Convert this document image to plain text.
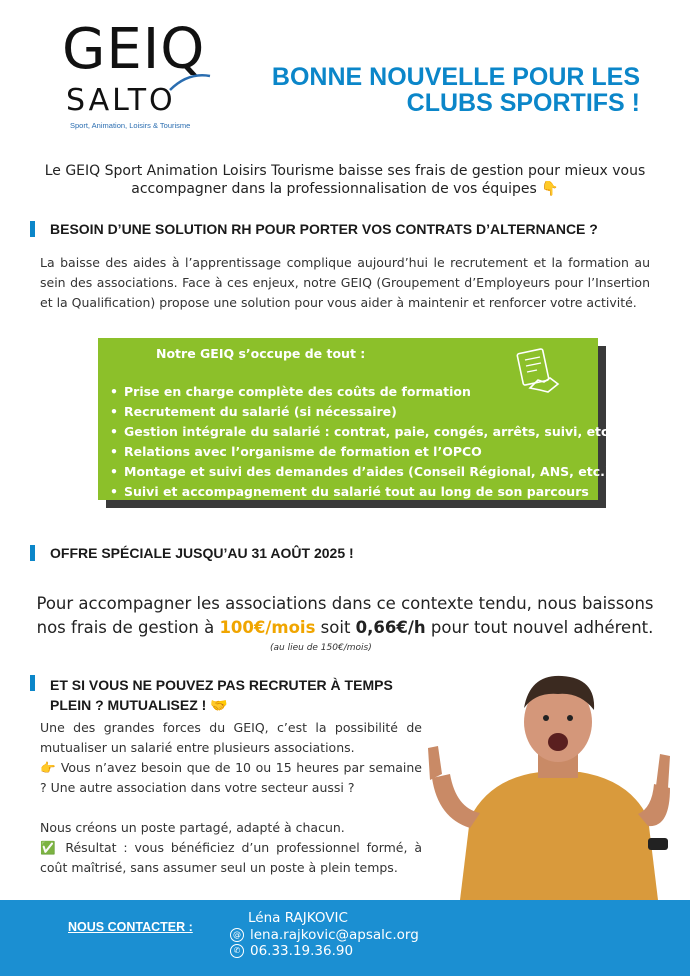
GEIQ
SALTO
Sport, Animation, Loisirs & Tourisme
BONNE NOUVELLE POUR LES
CLUBS SPORTIFS !
Le GEIQ Sport Animation Loisirs Tourisme baisse ses frais de gestion pour mieux vous
accompagner dans la professionnalisation de vos équipes 👇
BESOIN D’UNE SOLUTION RH POUR PORTER VOS CONTRATS D’ALTERNANCE ?
La baisse des aides à l’apprentissage complique aujourd’hui le recrutement et la formation au sein des associations. Face à ces enjeux, notre GEIQ (Groupement d’Employeurs pour l’Insertion et la Qualification) propose une solution pour vous aider à maintenir et renforcer votre activité.
Notre GEIQ s’occupe de tout :
• Prise en charge complète des coûts de formation
• Recrutement du salarié (si nécessaire)
• Gestion intégrale du salarié : contrat, paie, congés, arrêts, suivi, etc.
• Relations avec l’organisme de formation et l’OPCO
• Montage et suivi des demandes d’aides (Conseil Régional, ANS, etc.)
• Suivi et accompagnement du salarié tout au long de son parcours
OFFRE SPÉCIALE JUSQU’AU 31 AOÛT 2025 !
Pour accompagner les associations dans ce contexte tendu, nous baissons
nos frais de gestion à 100€/mois soit 0,66€/h pour tout nouvel adhérent.
(au lieu de 150€/mois)
ET SI VOUS NE POUVEZ PAS RECRUTER À TEMPS
PLEIN ? MUTUALISEZ ! 🤝
Une des grandes forces du GEIQ, c’est la possibilité de mutualiser un salarié entre plusieurs associations.
👉 Vous n’avez besoin que de 10 ou 15 heures par semaine ? Une autre association dans votre secteur aussi ?
Nous créons un poste partagé, adapté à chacun.
✅ Résultat : vous bénéficiez d’un professionnel formé, à coût maîtrisé, sans assumer seul un poste à plein temps.
NOUS CONTACTER :
Léna RAJKOVIC
@ lena.rajkovic@apsalc.org
✆ 06.33.19.36.90
